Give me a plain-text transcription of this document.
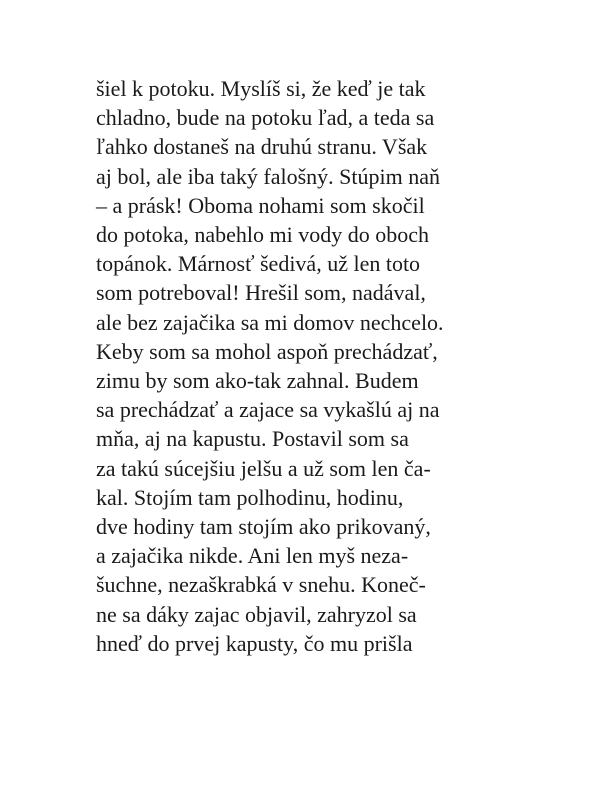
šiel k potoku. Myslíš si, že keď je tak
chladno, bude na potoku ľad, a teda sa
ľahko dostaneš na druhú stranu. Však
aj bol, ale iba taký falošný. Stúpim naň
– a prásk! Oboma nohami som skočil
do potoka, nabehlo mi vody do oboch
topánok. Márnosť šedivá, už len toto
som potreboval! Hrešil som, nadával,
ale bez zajačika sa mi domov nechcelo.
Keby som sa mohol aspoň prechádzať,
zimu by som ako-tak zahnal. Budem
sa prechádzať a zajace sa vykašlú aj na
mňa, aj na kapustu. Postavil som sa
za takú súcejšiu jelšu a už som len ča-
kal. Stojím tam polhodinu, hodinu,
dve hodiny tam stojím ako prikovaný,
a zajačika nikde. Ani len myš neza-
šuchne, nezaškrabká v snehu. Koneč-
ne sa dáky zajac objavil, zahryzol sa
hneď do prvej kapusty, čo mu prišla
